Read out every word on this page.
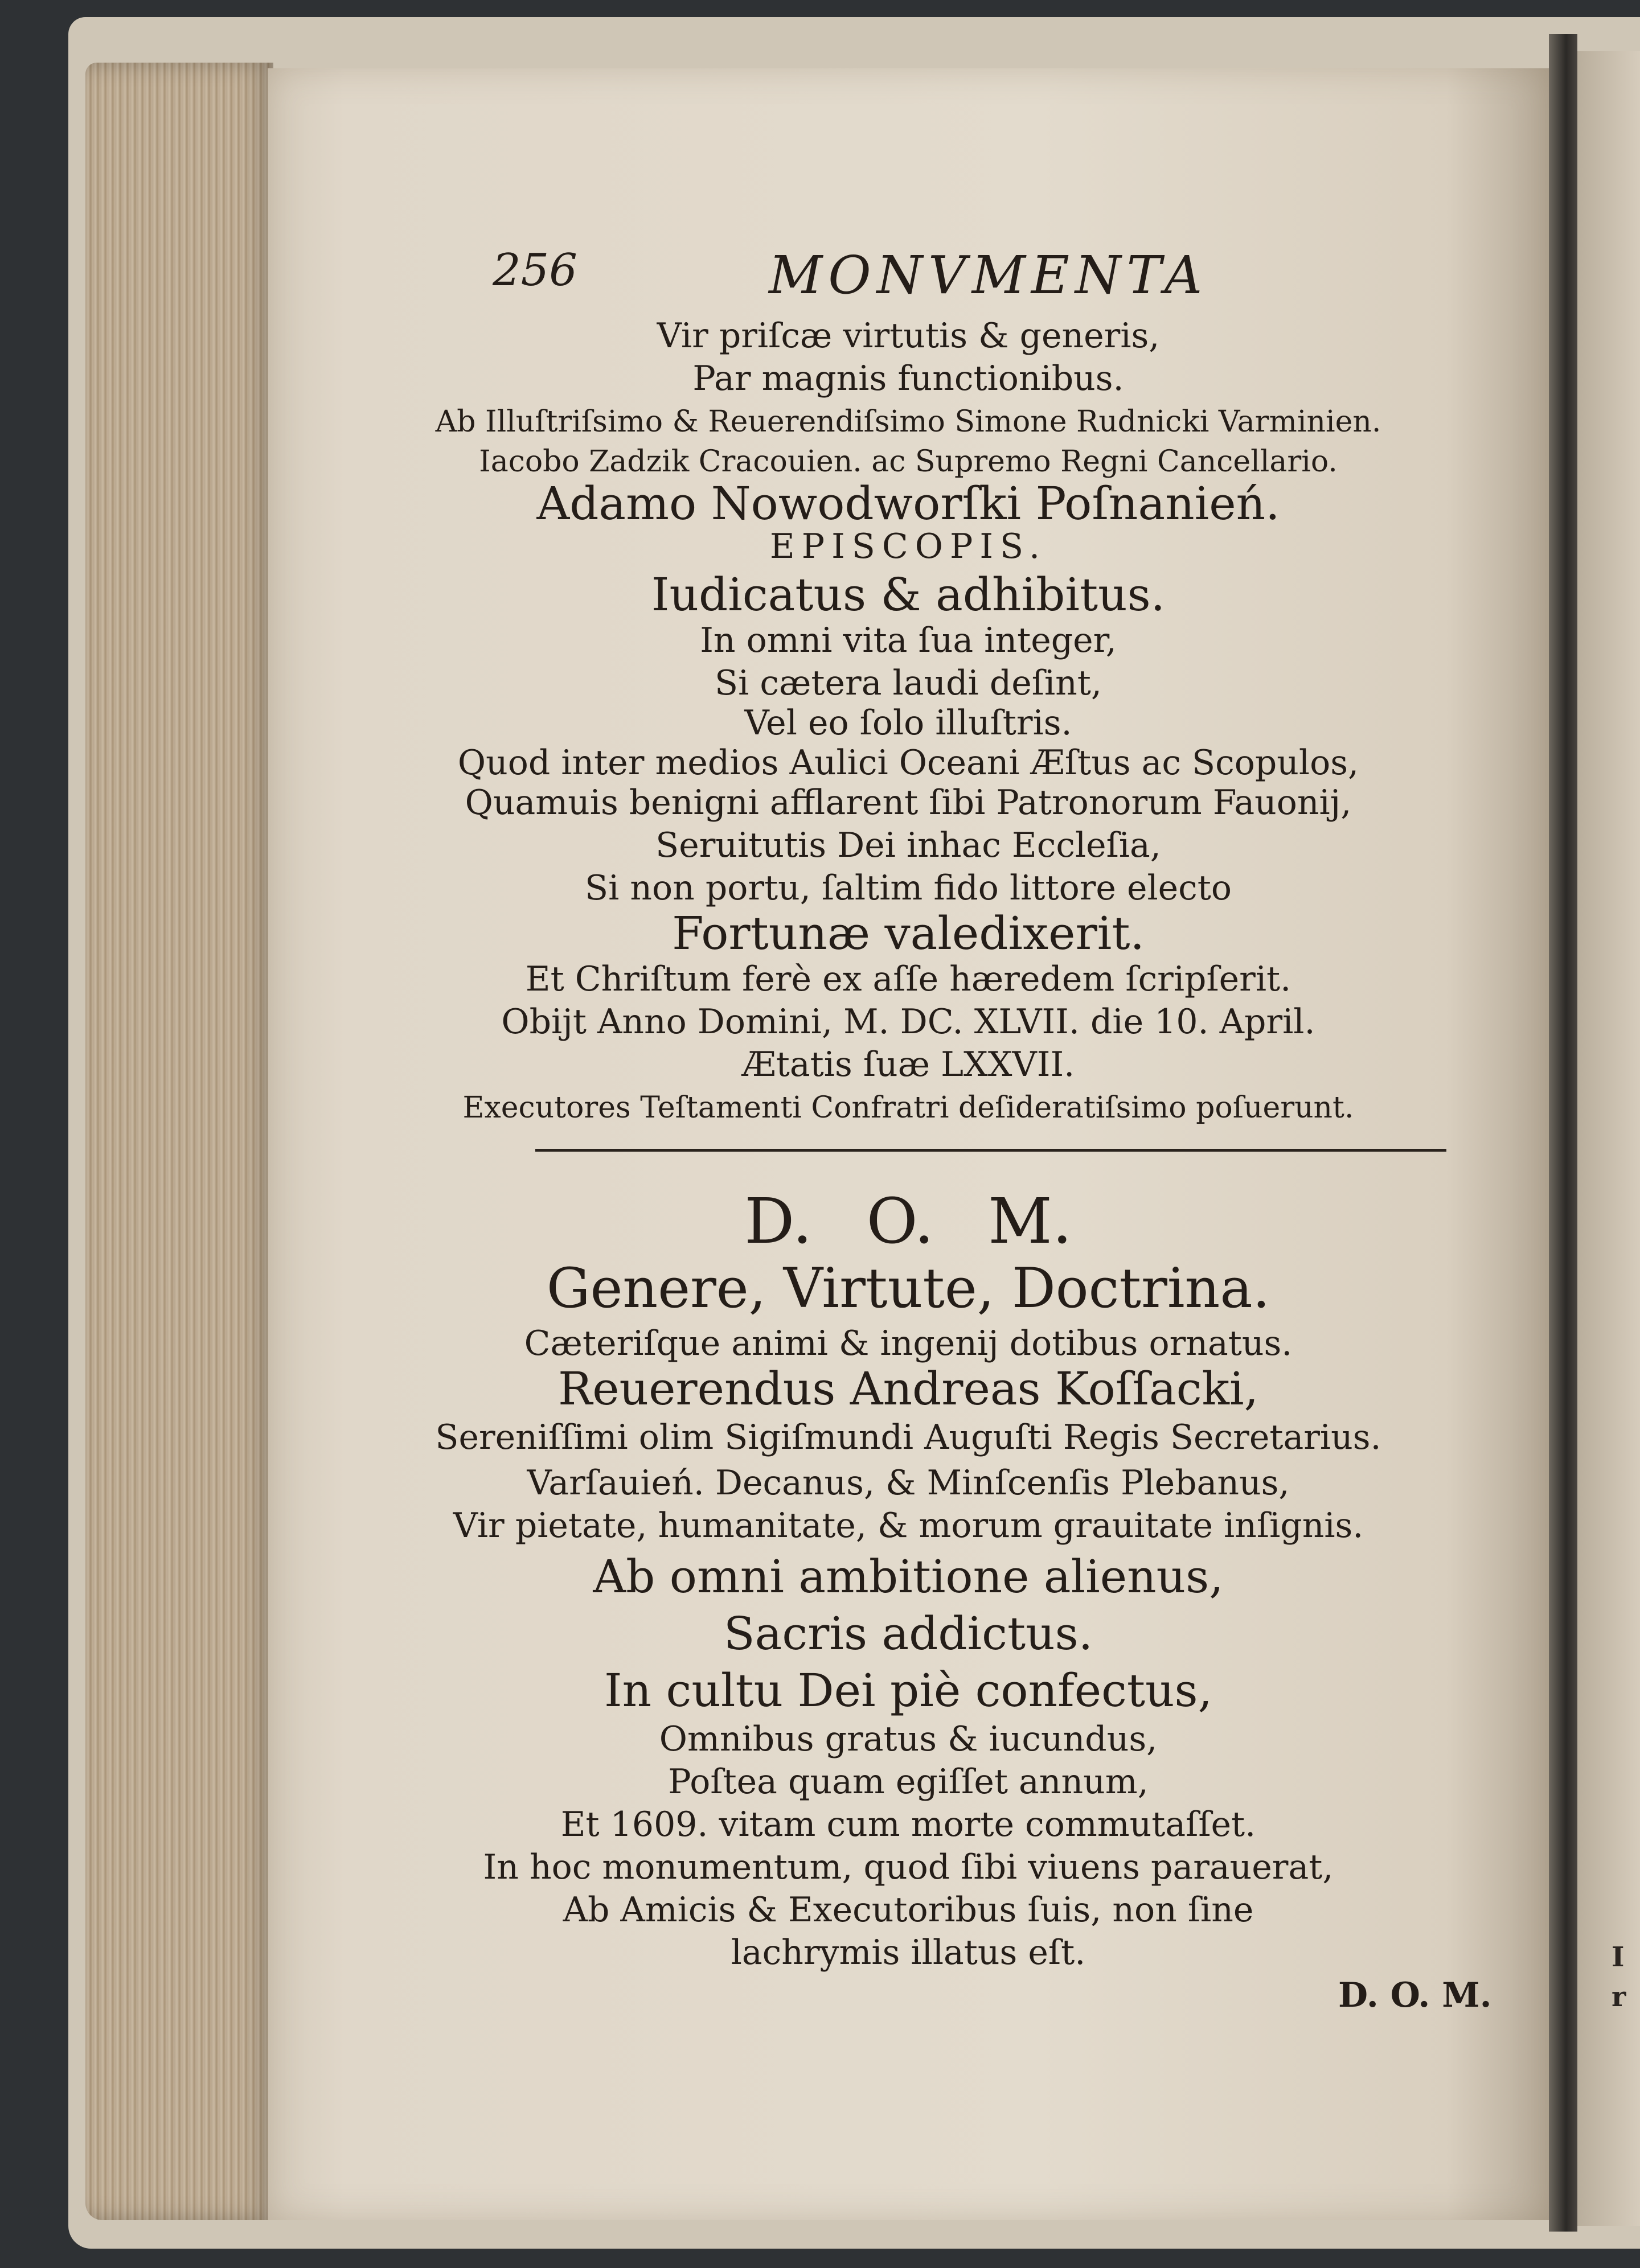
I
r
256	MONVMENTA
Vir priſcæ virtutis & generis,
Par magnis functionibus.
Ab Illuſtriſsimo & Reuerendiſsimo Simone Rudnicki Varminien.
Iacobo Zadzik Cracouien. ac Supremo Regni Cancellario.
Adamo Nowodworſki Poſnanień.
EPISCOPIS.
Iudicatus & adhibitus.
In omni vita ſua integer,
Si cætera laudi deſint,
Vel eo ſolo illuſtris.
Quod inter medios Aulici Oceani Æſtus ac Scopulos,
Quamuis benigni afflarent ſibi Patronorum Fauonij,
Seruitutis Dei inhac Eccleſia,
Si non portu, ſaltim fido littore electo
Fortunæ valedixerit.
Et Chriſtum ferè ex aſſe hæredem ſcripſerit.
Obijt Anno Domini, M. DC. XLVII. die 10. April.
Ætatis ſuæ LXXVII.
Executores Teſtamenti Confratri deſideratiſsimo poſuerunt.
D. O. M.
Genere, Virtute, Doctrina.
Cæteriſque animi & ingenij dotibus ornatus.
Reuerendus Andreas Koſſacki,
Sereniſſimi olim Sigiſmundi Auguſti Regis Secretarius.
Varſauień. Decanus, & Minſcenſis Plebanus,
Vir pietate, humanitate, & morum grauitate inſignis.
Ab omni ambitione alienus,
Sacris addictus.
In cultu Dei piè confectus,
Omnibus gratus & iucundus,
Poſtea quam egiſſet annum,
Et 1609. vitam cum morte commutaſſet.
In hoc monumentum, quod ſibi viuens parauerat,
Ab Amicis & Executoribus ſuis, non ſine
lachrymis illatus eſt.
D. O. M.
